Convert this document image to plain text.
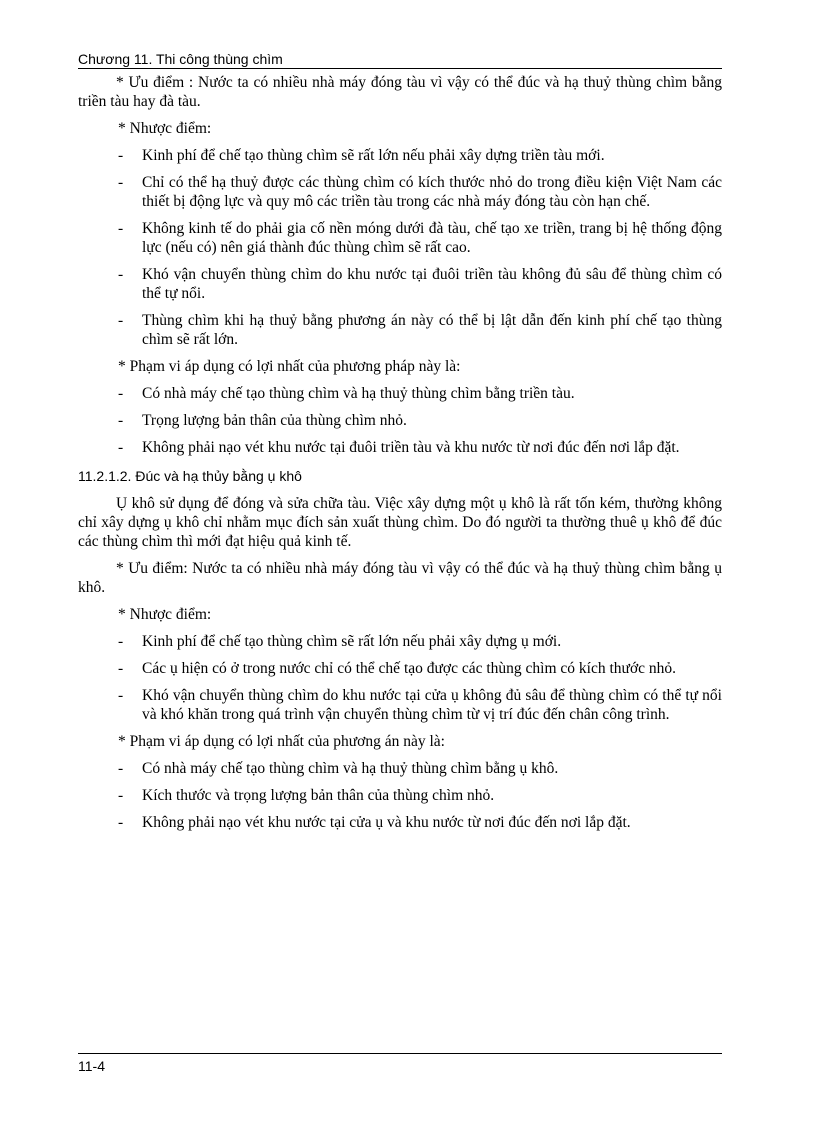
Chương 11. Thi công thùng chìm

* Ưu điểm : Nước ta có nhiều nhà máy đóng tàu vì vậy có thể đúc và hạ thuỷ thùng chìm bằng triền tàu hay đà tàu.

* Nhược điểm:
-	Kinh phí để chế tạo thùng chìm sẽ rất lớn nếu phải xây dựng triền tàu mới.
-	Chỉ có thể hạ thuỷ được các thùng chìm có kích thước nhỏ do trong điều kiện Việt Nam các thiết bị động lực và quy mô các triền tàu trong các nhà máy đóng tàu còn hạn chế.
-	Không kinh tế do phải gia cố nền móng dưới đà tàu, chế tạo xe triền, trang bị hệ thống động lực (nếu có) nên giá thành đúc thùng chìm sẽ rất cao.
-	Khó vận chuyển thùng chìm do khu nước tại đuôi triền tàu không đủ sâu để thùng chìm có thể tự nổi.
-	Thùng chìm khi hạ thuỷ bằng phương án này có thể bị lật dẫn đến kinh phí chế tạo thùng chìm sẽ rất lớn.
* Phạm vi áp dụng có lợi nhất của phương pháp này là:
-	Có nhà máy chế tạo thùng chìm và hạ thuỷ thùng chìm bằng triền tàu.
-	Trọng lượng bản thân của thùng chìm nhỏ.
-	Không phải nạo vét khu nước tại đuôi triền tàu và khu nước từ nơi đúc đến nơi lắp đặt.
11.2.1.2. Đúc và hạ thủy bằng ụ khô

Ụ khô sử dụng để đóng và sửa chữa tàu. Việc xây dựng một ụ khô là rất tốn kém, thường không chỉ xây dựng ụ khô chỉ nhằm mục đích sản xuất thùng chìm. Do đó người ta thường thuê ụ khô để đúc các thùng chìm thì mới đạt hiệu quả kinh tế.

* Ưu điểm: Nước ta có nhiều nhà máy đóng tàu vì vậy có thể đúc và hạ thuỷ thùng chìm bằng ụ khô.

* Nhược điểm:
-	Kinh phí để chế tạo thùng chìm sẽ rất lớn nếu phải xây dựng ụ mới.
-	Các ụ hiện có ở trong nước chỉ có thể chế tạo được các thùng chìm có kích thước nhỏ.
-	Khó vận chuyển thùng chìm do khu nước tại cửa ụ không đủ sâu để thùng chìm có thể tự nổi và khó khăn trong quá trình vận chuyển thùng chìm từ vị trí đúc đến chân công trình.
* Phạm vi áp dụng có lợi nhất của phương án này là:
-	Có nhà máy chế tạo thùng chìm và hạ thuỷ thùng chìm bằng ụ khô.
-	Kích thước và trọng lượng bản thân của thùng chìm nhỏ.
-	Không phải nạo vét khu nước tại cửa ụ và khu nước từ nơi đúc đến nơi lắp đặt.
11-4
